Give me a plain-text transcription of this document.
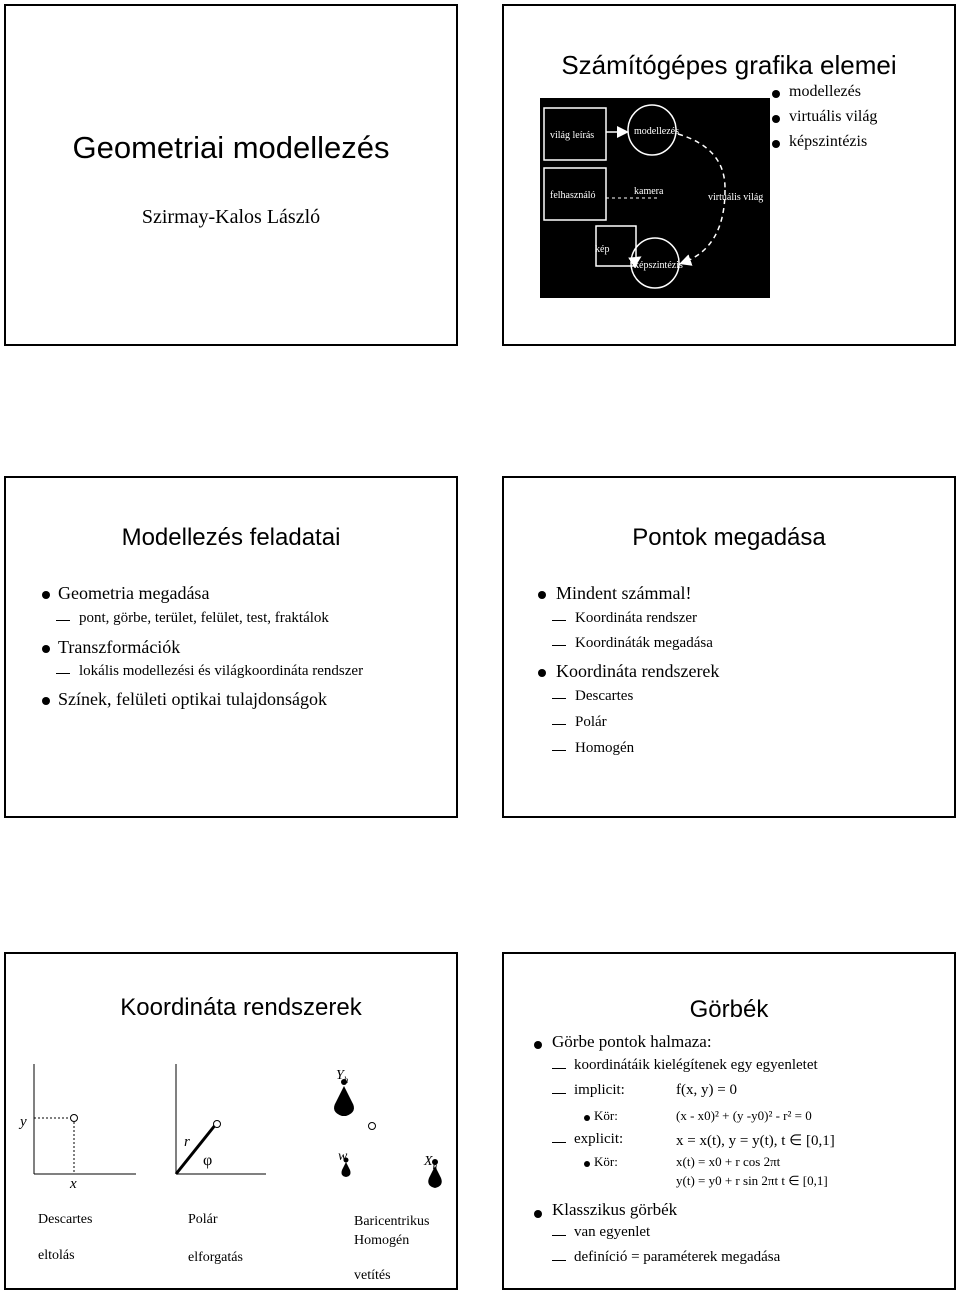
Geometriai modellezés
Szirmay-Kalos László
Számítógépes grafika elemei
modellezés
virtuális világ
képszintézis
világ leírás	modellezés
felhasználó	kamera
virtuális világ
kép
képszintézis
Modellezés feladatai
Geometria megadása
pont, görbe, terület, felület, test, fraktálok
Transzformációk
lokális modellezési és világkoordináta rendszer
Színek, felületi optikai tulajdonságok
Pontok megadása
Mindent számmal!
Koordináta rendszer
Koordináták megadása
Koordináta rendszerek
Descartes
Polár
Homogén
Koordináta rendszerek
y
x
r
φ
$Y_h$
w	$X_h$
Descartes
eltolás
Polár
elforgatás
Baricentrikus
Homogén
vetítés
Görbék
Görbe pontok halmaza:
koordinátáik kielégítenek egy egyenletet
implicit:	f(x, y) = 0
Kör:	(x - x0)² + (y -y0)² - r² = 0
explicit:	x = x(t), y = y(t), t ∈ [0,1]
Kör:	x(t) = x0 + r cos 2πt
y(t) = y0 + r sin 2πt t ∈ [0,1]
Klasszikus görbék
van egyenlet
definíció = paraméterek megadása
